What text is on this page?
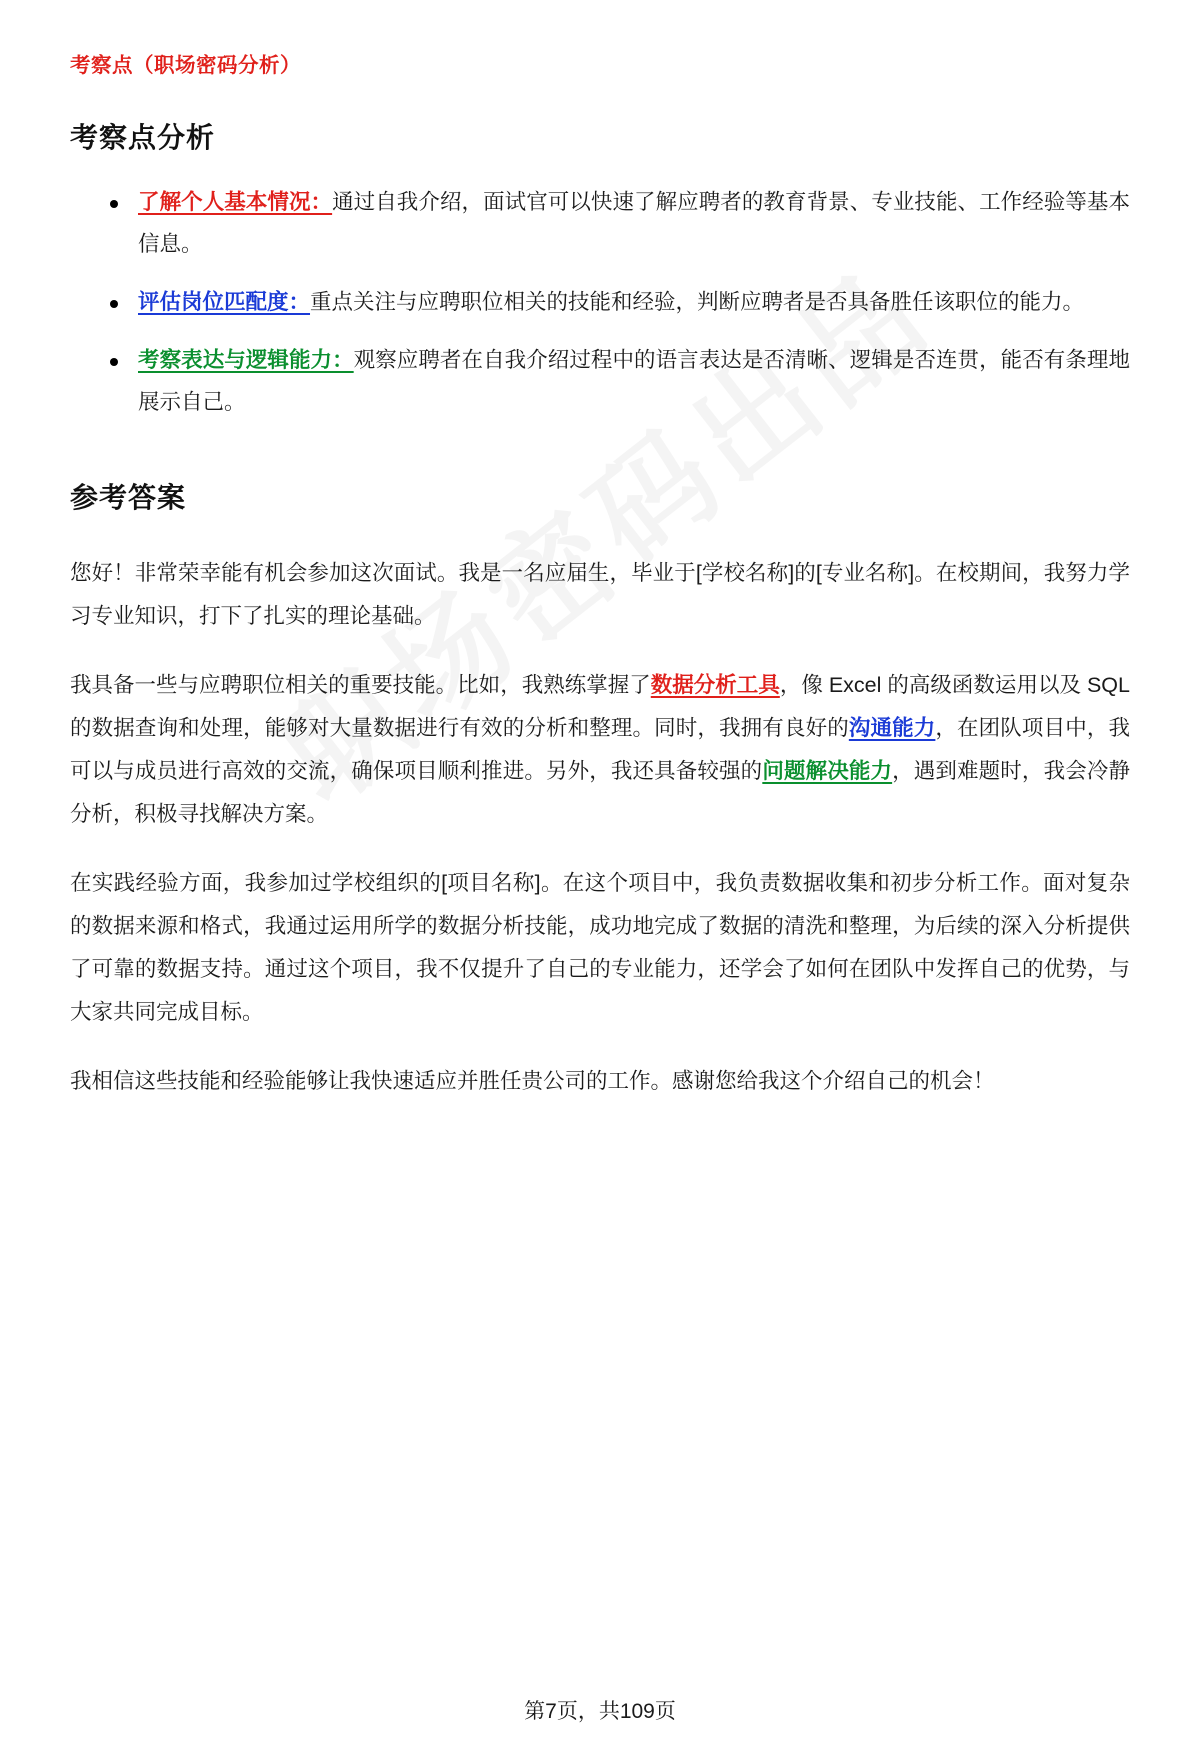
考察点（职场密码分析）
考察点分析
了解个人基本情况：通过自我介绍，面试官可以快速了解应聘者的教育背景、专业技能、工作经验等基本信息。
评估岗位匹配度：重点关注与应聘职位相关的技能和经验，判断应聘者是否具备胜任该职位的能力。
考察表达与逻辑能力：观察应聘者在自我介绍过程中的语言表达是否清晰、逻辑是否连贯，能否有条理地展示自己。
参考答案

您好！非常荣幸能有机会参加这次面试。我是一名应届生，毕业于[学校名称]的[专业名称]。在校期间，我努力学习专业知识，打下了扎实的理论基础。

我具备一些与应聘职位相关的重要技能。比如，我熟练掌握了数据分析工具，像 Excel 的高级函数运用以及 SQL 的数据查询和处理，能够对大量数据进行有效的分析和整理。同时，我拥有良好的沟通能力，在团队项目中，我可以与成员进行高效的交流，确保项目顺利推进。另外，我还具备较强的问题解决能力，遇到难题时，我会冷静分析，积极寻找解决方案。

在实践经验方面，我参加过学校组织的[项目名称]。在这个项目中，我负责数据收集和初步分析工作。面对复杂的数据来源和格式，我通过运用所学的数据分析技能，成功地完成了数据的清洗和整理，为后续的深入分析提供了可靠的数据支持。通过这个项目，我不仅提升了自己的专业能力，还学会了如何在团队中发挥自己的优势，与大家共同完成目标。

我相信这些技能和经验能够让我快速适应并胜任贵公司的工作。感谢您给我这个介绍自己的机会！

第7页，共109页
